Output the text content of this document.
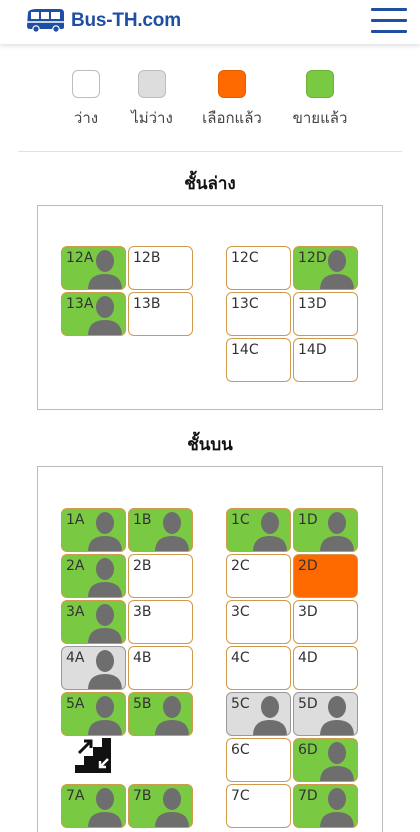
Bus-TH.com
ว่าง	ไม่ว่าง	เลือกแล้ว	ขายแล้ว
ชั้นล่าง
12A	12B	12C	12D
13A	13B	13C	13D
14C	14D
ชั้นบน
1A	1B	1C	1D
2A	2B	2C	2D
3A	3B	3C	3D
4A	4B	4C	4D
5A	5B	5C	5D
6C	6D
7A	7B	7C	7D
